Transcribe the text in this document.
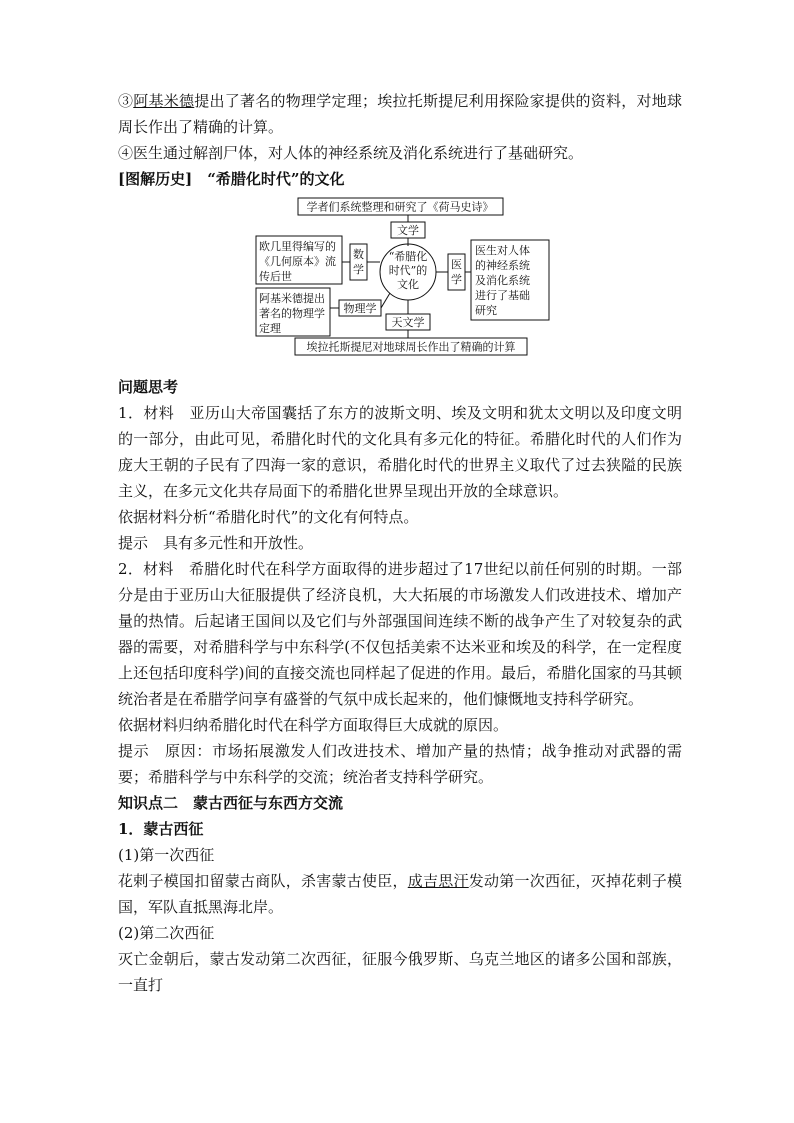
③阿基米德提出了著名的物理学定理；埃拉托斯提尼利用探险家提供的资料，对地球周长作出了精确的计算。

④医生通过解剖尸体，对人体的神经系统及消化系统进行了基础研究。

[图解历史]　 “希腊化时代”的文化

学者们系统整理和研究了《荷马史诗》
文学
“希腊化
时代”的
文化
数
学
欧几里得编写的
《几何原本》流
传后世
物理学
阿基米德提出
著名的物理学
定理
医
学
医生对人体
的神经系统
及消化系统
进行了基础
研究
天文学
埃拉托斯提尼对地球周长作出了精确的计算

问题思考

1．材料　亚历山大帝国囊括了东方的波斯文明、埃及文明和犹太文明以及印度文明的一部分，由此可见，希腊化时代的文化具有多元化的特征。希腊化时代的人们作为庞大王朝的子民有了四海一家的意识，希腊化时代的世界主义取代了过去狭隘的民族主义，在多元文化共存局面下的希腊化世界呈现出开放的全球意识。

依据材料分析“希腊化时代”的文化有何特点。

提示　具有多元性和开放性。

2．材料　希腊化时代在科学方面取得的进步超过了17世纪以前任何别的时期。一部分是由于亚历山大征服提供了经济良机，大大拓展的市场激发人们改进技术、增加产量的热情。后起诸王国间以及它们与外部强国间连续不断的战争产生了对较复杂的武器的需要，对希腊科学与中东科学(不仅包括美索不达米亚和埃及的科学，在一定程度上还包括印度科学)间的直接交流也同样起了促进的作用。最后，希腊化国家的马其顿统治者是在希腊学问享有盛誉的气氛中成长起来的，他们慷慨地支持科学研究。

依据材料归纳希腊化时代在科学方面取得巨大成就的原因。

提示　原因：市场拓展激发人们改进技术、增加产量的热情；战争推动对武器的需要；希腊科学与中东科学的交流；统治者支持科学研究。

知识点二　蒙古西征与东西方交流

1．蒙古西征

(1)第一次西征

花剌子模国扣留蒙古商队，杀害蒙古使臣，成吉思汗发动第一次西征，灭掉花剌子模国，军队直抵黑海北岸。

(2)第二次西征

灭亡金朝后，蒙古发动第二次西征，征服今俄罗斯、乌克兰地区的诸多公国和部族，一直打
